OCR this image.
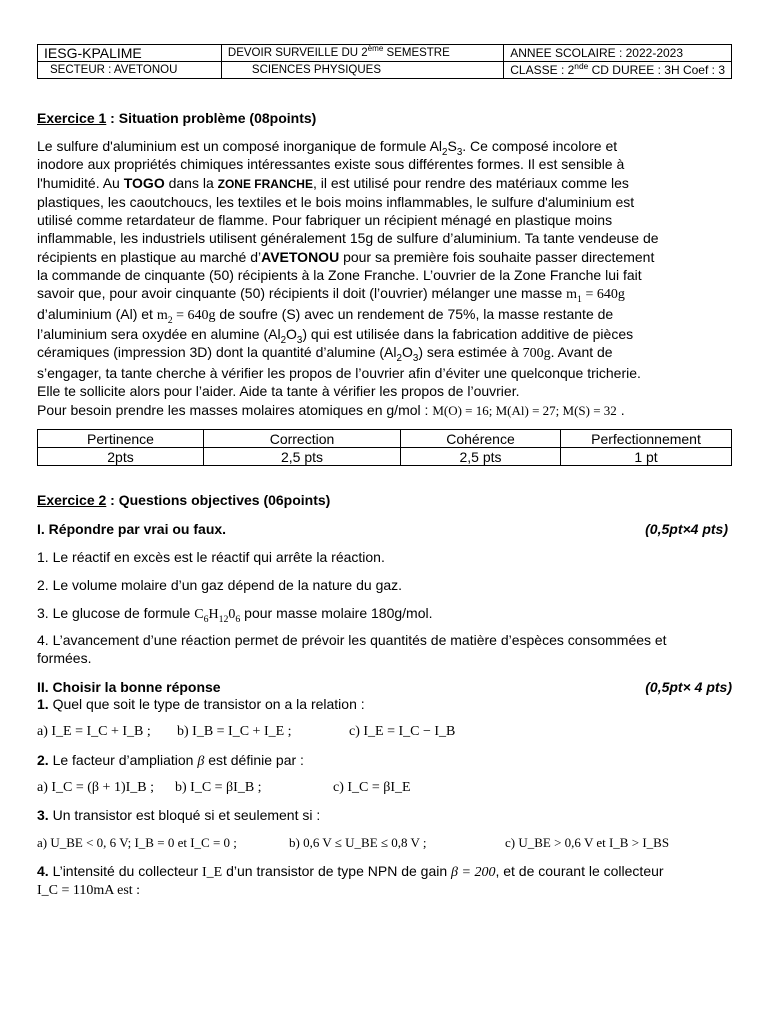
IESG-KPALIME	DEVOIR SURVEILLE DU 2ème SEMESTRE	ANNEE SCOLAIRE : 2022-2023
SECTEUR : AVETONOU	SCIENCES PHYSIQUES	CLASSE : 2nde CD DUREE : 3H Coef : 3
Exercice 1 : Situation problème (08points)
Le sulfure d'aluminium est un composé inorganique de formule $Al_2S_3$. Ce composé incolore et
inodore aux propriétés chimiques intéressantes existe sous différentes formes. Il est sensible à
l'humidité. Au TOGO dans la ZONE FRANCHE, il est utilisé pour rendre des matériaux comme les
plastiques, les caoutchoucs, les textiles et le bois moins inflammables, le sulfure d'aluminium est
utilisé comme retardateur de flamme. Pour fabriquer un récipient ménagé en plastique moins
inflammable, les industriels utilisent généralement 15g de sulfure d’aluminium. Ta tante vendeuse de
récipients en plastique au marché d’AVETONOU pour sa première fois souhaite passer directement
la commande de cinquante (50) récipients à la Zone Franche. L’ouvrier de la Zone Franche lui fait
savoir que, pour avoir cinquante (50) récipients il doit (l’ouvrier) mélanger une masse $m_1 = 640g$
d’aluminium (Al) et $m_2 = 640g$ de soufre (S) avec un rendement de 75%, la masse restante de
l’aluminium sera oxydée en alumine $(Al_2O_3)$ qui est utilisée dans la fabrication additive de pièces
céramiques (impression 3D) dont la quantité d’alumine $(Al_2O_3)$ sera estimée à 700g. Avant de
s’engager, ta tante cherche à vérifier les propos de l’ouvrier afin d’éviter une quelconque tricherie.
Elle te sollicite alors pour l’aider. Aide ta tante à vérifier les propos de l’ouvrier.
Pour besoin prendre les masses molaires atomiques en g/mol : M(O) = 16; M(Al) = 27; M(S) = 32 .
Pertinence	Correction	Cohérence	Perfectionnement
2pts	2,5 pts	2,5 pts	1 pt
Exercice 2 : Questions objectives (06points)
I. Répondre par vrai ou faux.	(0,5pt×4 pts)
1. Le réactif en excès est le réactif qui arrête la réaction.
2. Le volume molaire d’un gaz dépend de la nature du gaz.
3. Le glucose de formule $C_6H_{12}0_6$ pour masse molaire 180g/mol.
4. L’avancement d’une réaction permet de prévoir les quantités de matière d’espèces consommées et
formées.
II. Choisir la bonne réponse	(0,5pt× 4 pts)
1. Quel que soit le type de transistor on a la relation :
a) I_E = I_C + I_B ;	b) I_B = I_C + I_E ;	c) I_E = I_C − I_B
2. Le facteur d’ampliation β est définie par :
a) I_C = (β + 1)I_B ;	b) I_C = βI_B ;	c) I_C = βI_E
3. Un transistor est bloqué si et seulement si :
a) U_BE < 0, 6 V; I_B = 0 et I_C = 0 ;	b) 0,6 V ≤ U_BE ≤ 0,8 V ;	c) U_BE > 0,6 V et I_B > I_BS
4. L’intensité du collecteur I_E d’un transistor de type NPN de gain β = 200, et de courant le collecteur
I_C = 110mA est :
